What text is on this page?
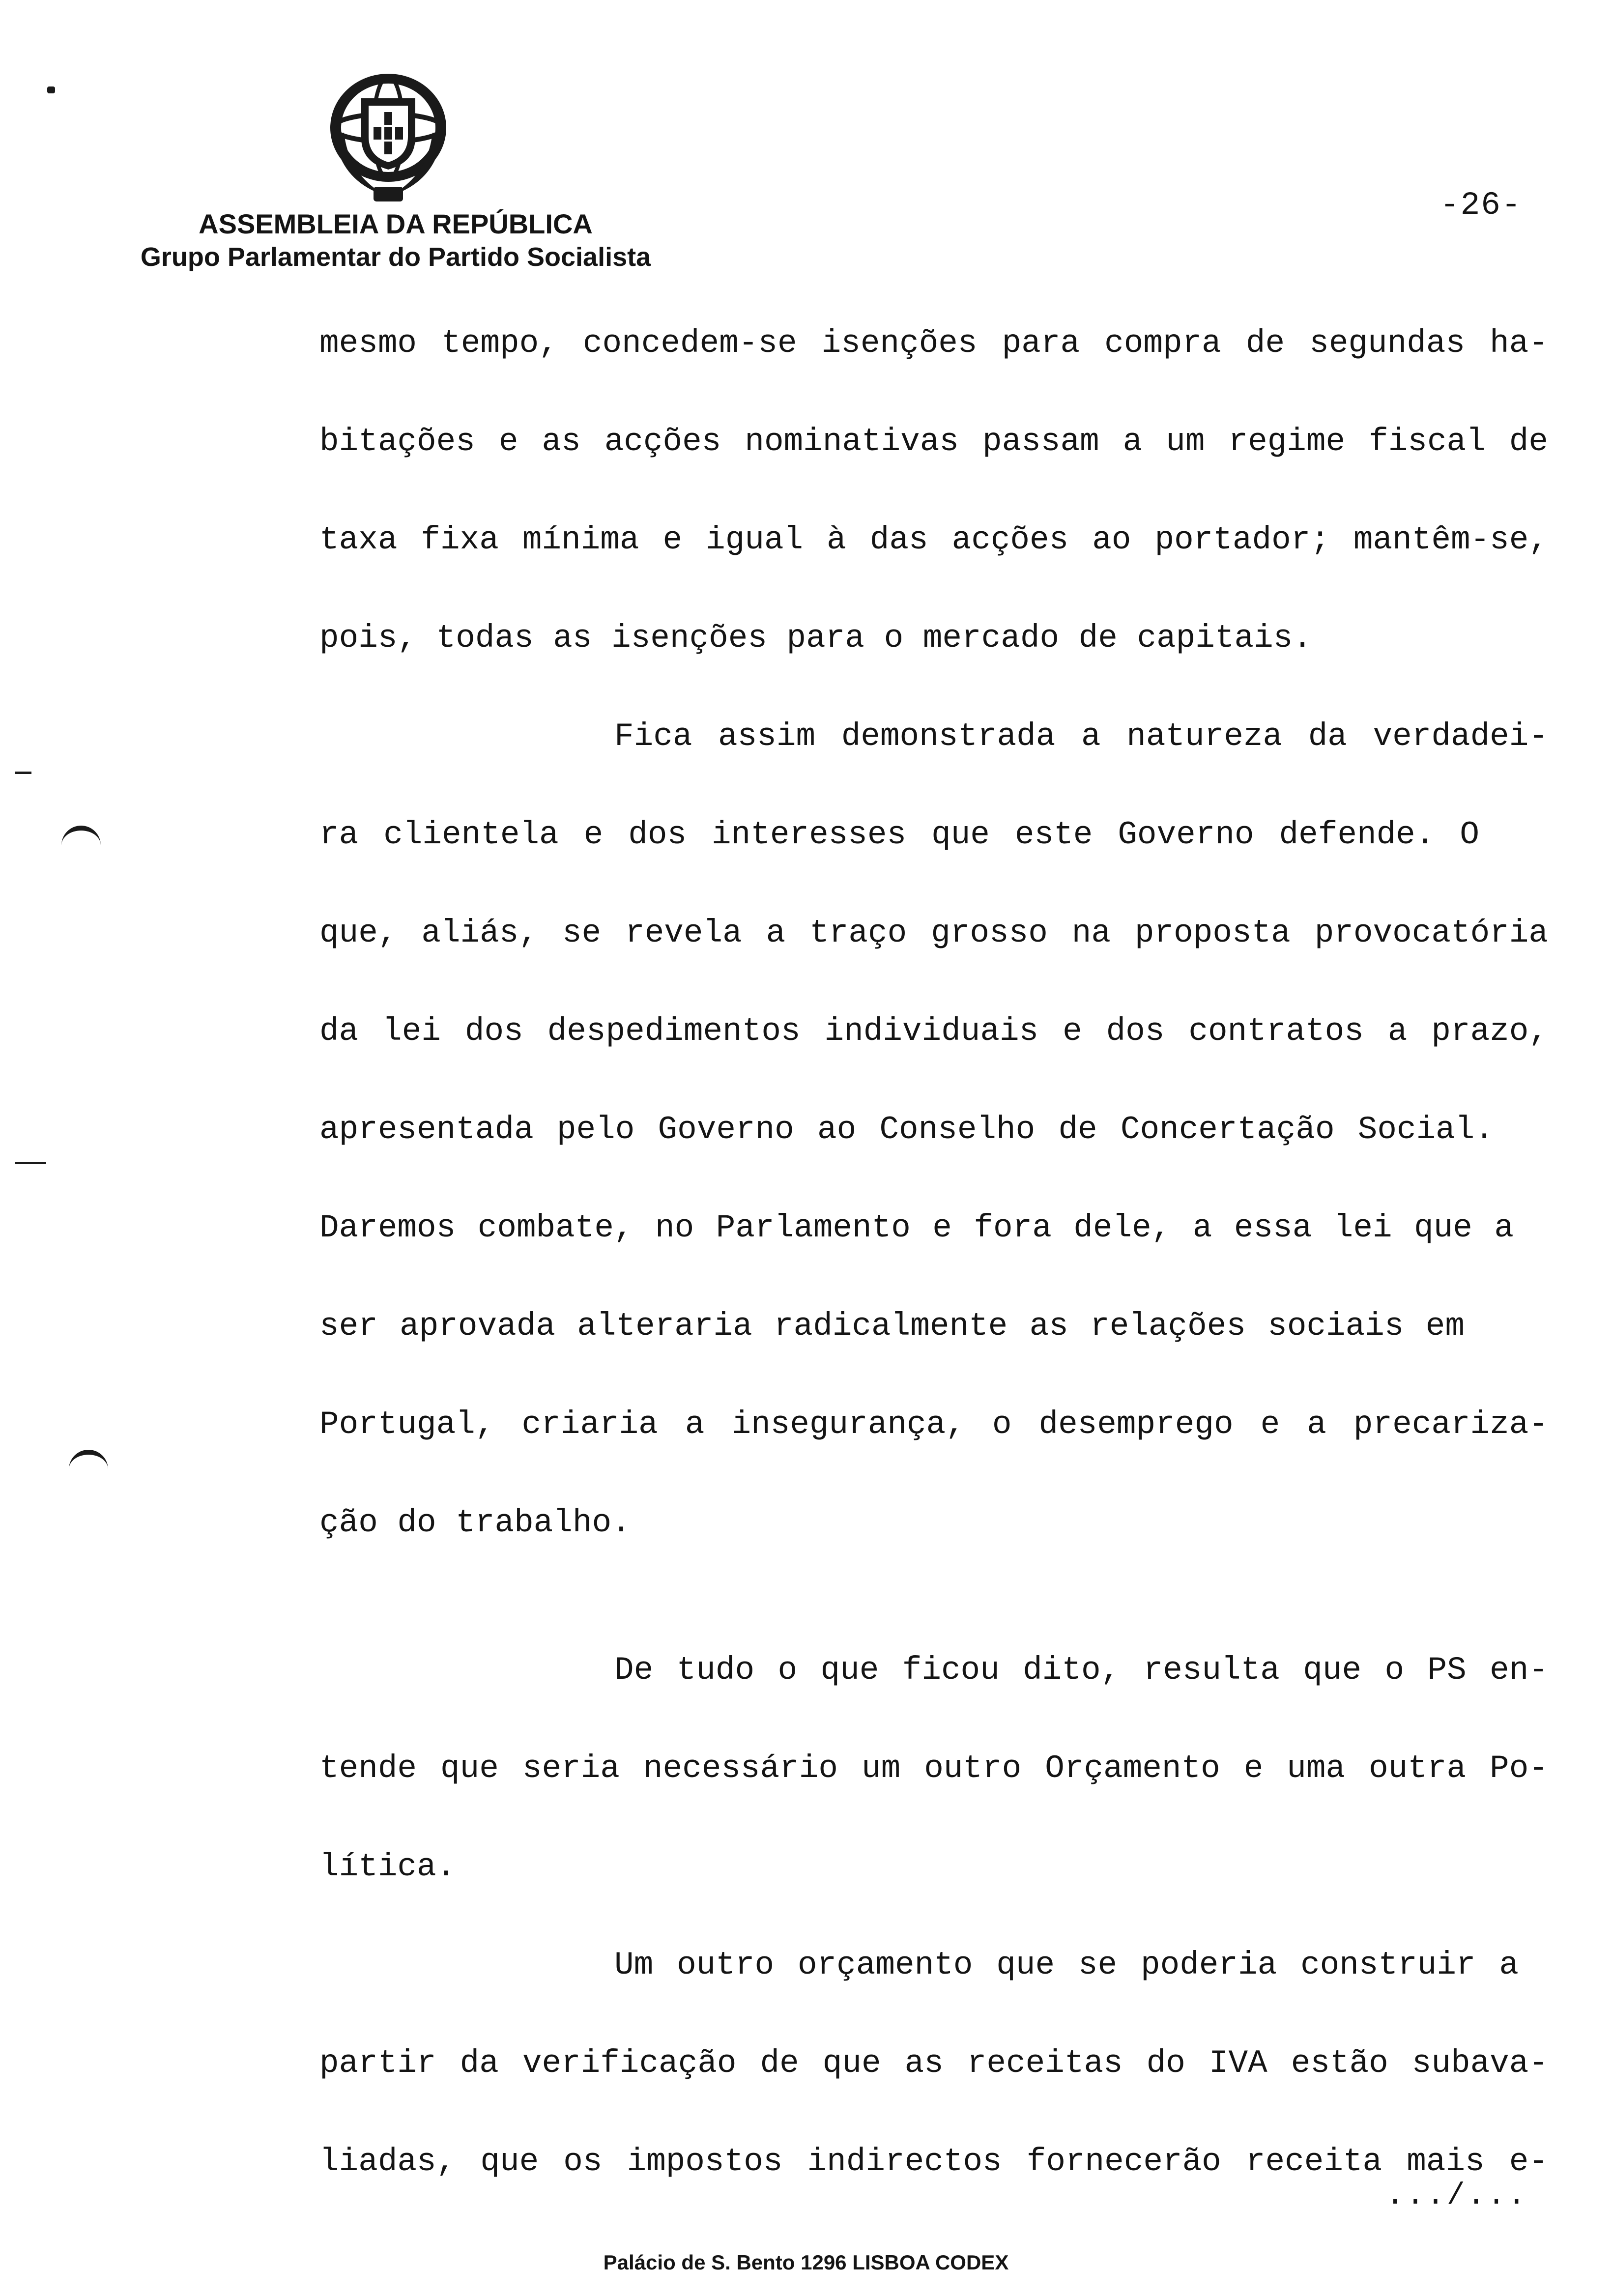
ASSEMBLEIA DA REPÚBLICA
Grupo Parlamentar do Partido Socialista
-26-
mesmo tempo, concedem-se isenções para compra de segundas ha-
bitações e as acções nominativas passam a um regime fiscal de
taxa fixa mínima e igual à das acções ao portador; mantêm-se,
pois, todas as isenções para o mercado de capitais.
Fica assim demonstrada a natureza da verdadei-
ra clientela e dos interesses que este Governo defende. O
que, aliás, se revela a traço grosso na proposta provocatória
da lei dos despedimentos individuais e dos contratos a prazo,
apresentada pelo Governo ao Conselho de Concertação Social.
Daremos combate, no Parlamento e fora dele, a essa lei que a
ser aprovada alteraria radicalmente as relações sociais em
Portugal, criaria a insegurança, o desemprego e a precariza-
ção do trabalho.
De tudo o que ficou dito, resulta que o PS en-
tende que seria necessário um outro Orçamento e uma outra Po-
lítica.
Um outro orçamento que se poderia construir a
partir da verificação de que as receitas do IVA estão subava-
liadas, que os impostos indirectos fornecerão receita mais e-
.../...
Palácio de S. Bento 1296 LISBOA CODEX
